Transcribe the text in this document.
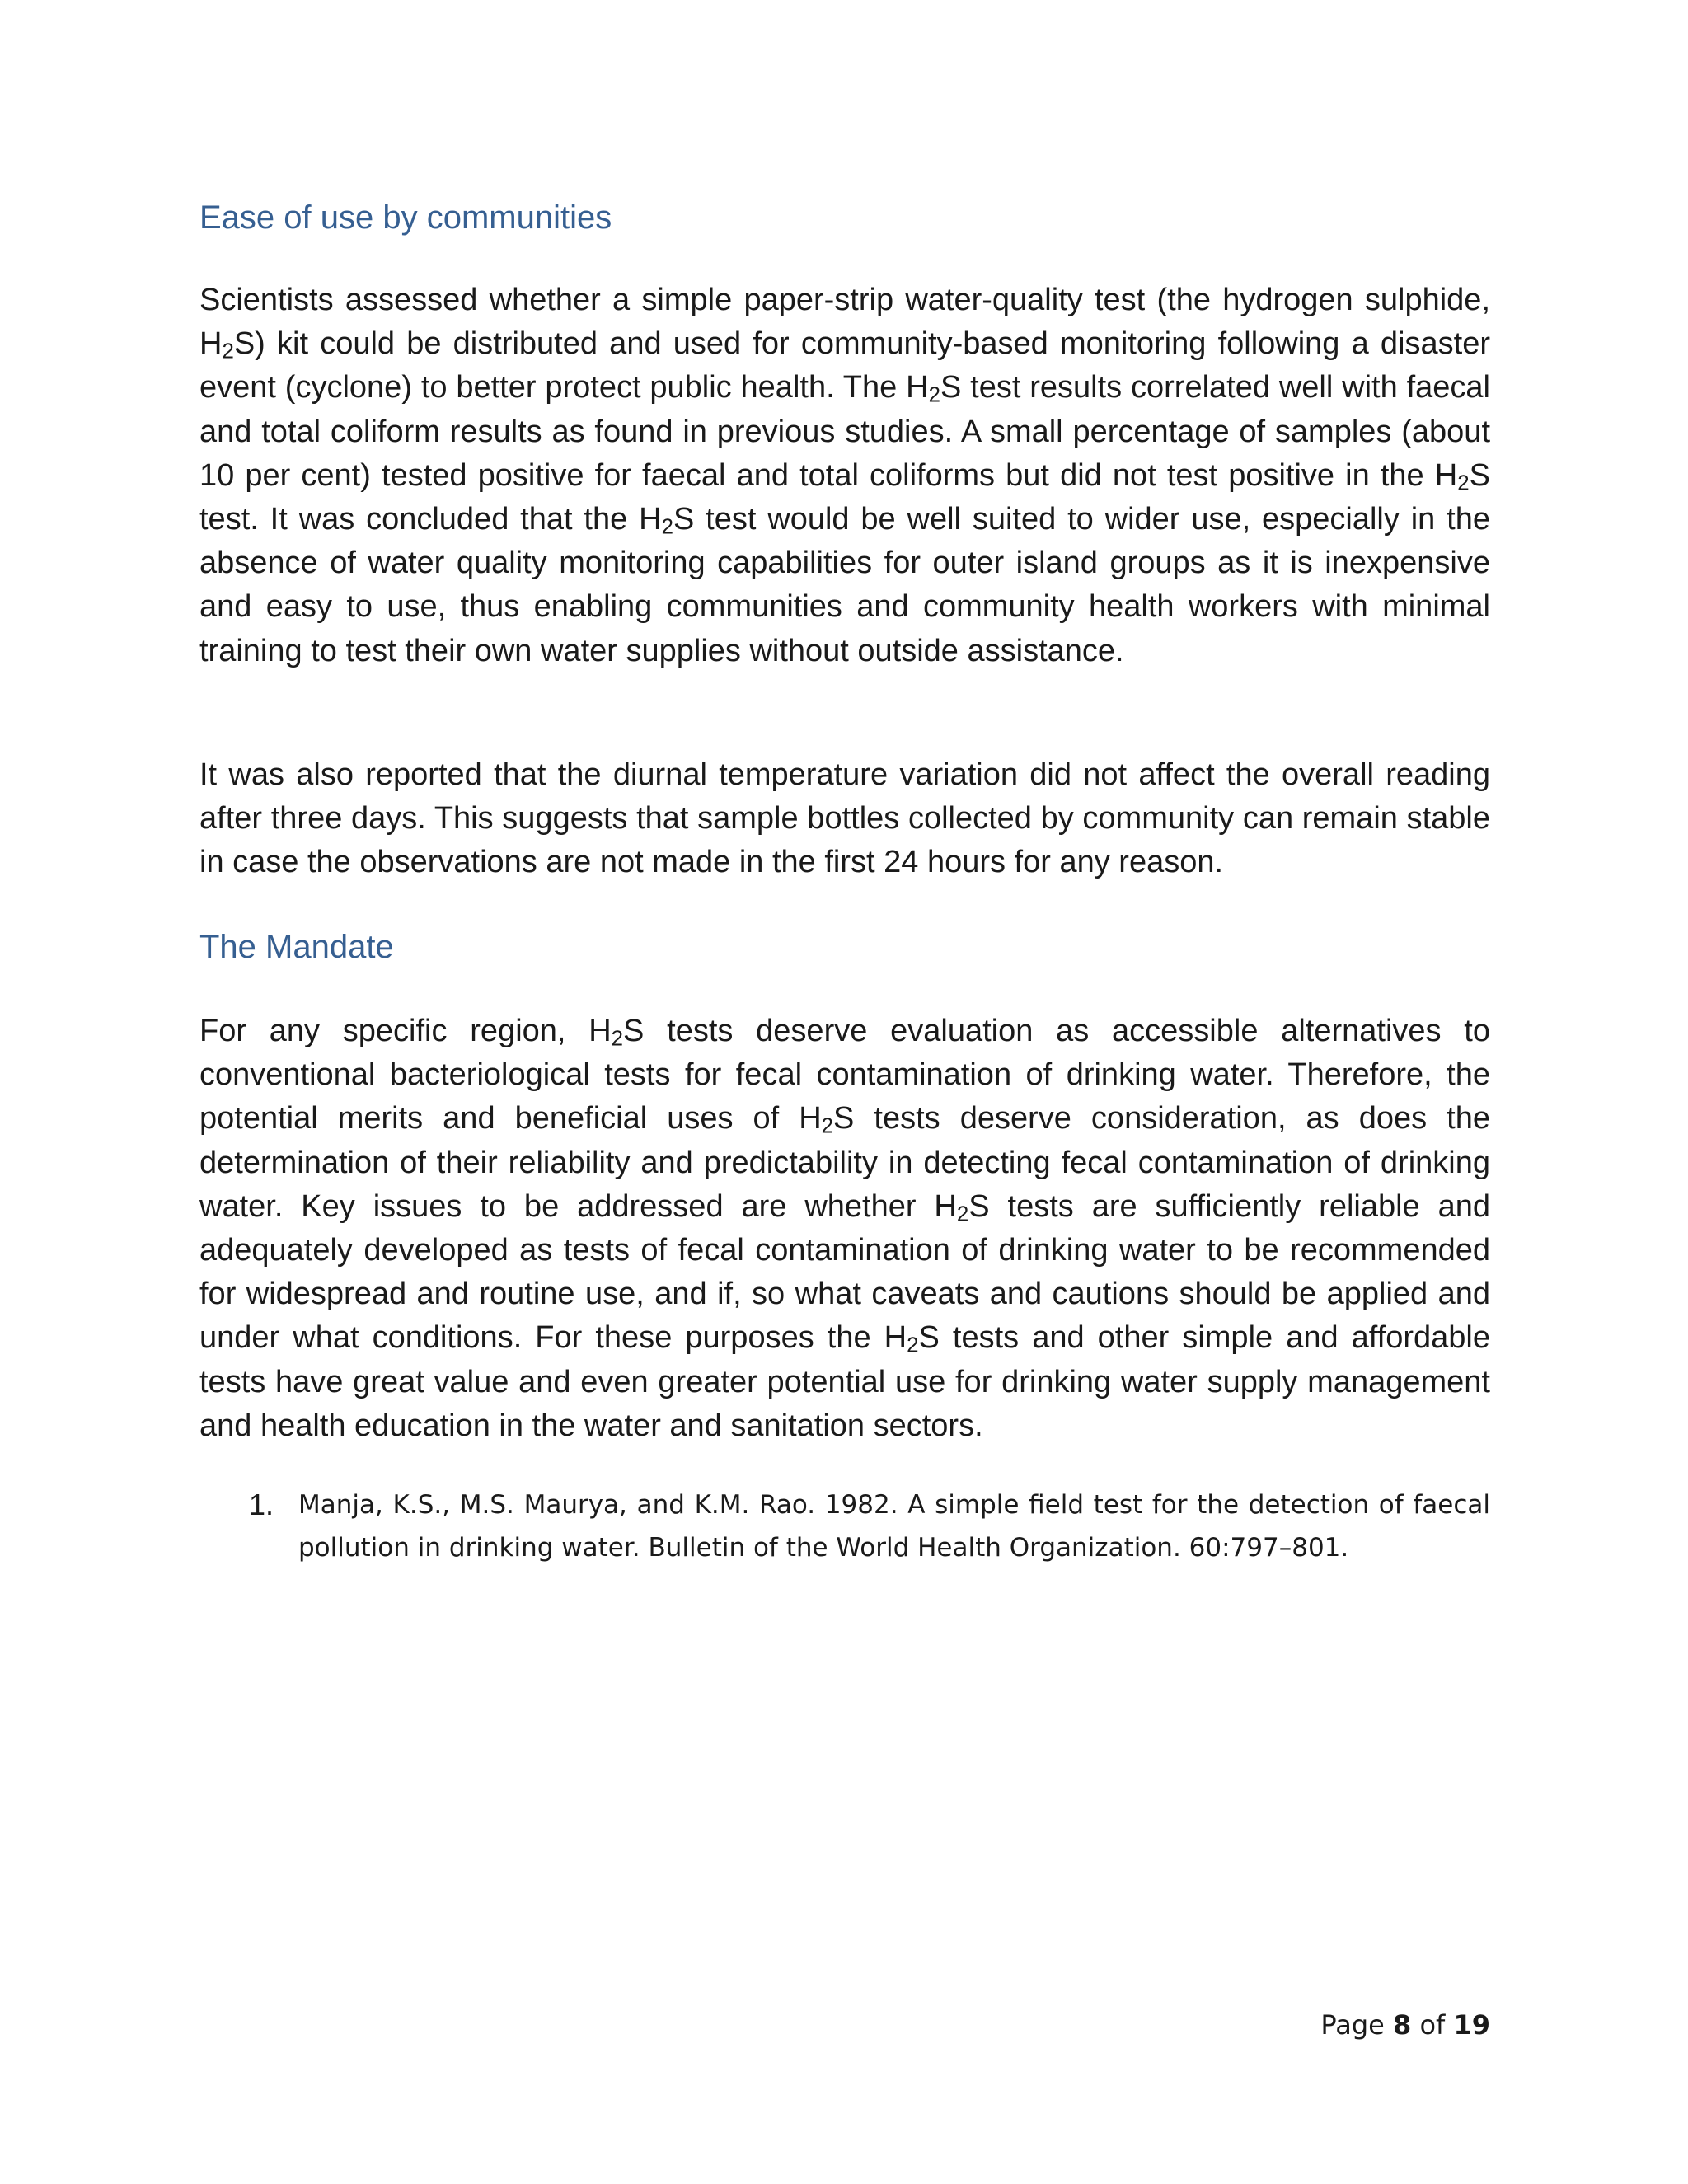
Ease of use by communities

Scientists assessed whether a simple paper-strip water-quality test (the hydrogen sulphide, $H_2S$) kit could be distributed and used for community-based monitoring following a disaster event (cyclone) to better protect public health. The $H_2S$ test results correlated well with faecal and total coliform results as found in previous studies. A small percentage of samples (about 10 per cent) tested positive for faecal and total coliforms but did not test positive in the $H_2S$ test. It was concluded that the $H_2S$ test would be well suited to wider use, especially in the absence of water quality monitoring capabilities for outer island groups as it is inexpensive and easy to use, thus enabling communities and community health workers with minimal training to test their own water supplies without outside assistance.

It was also reported that the diurnal temperature variation did not affect the overall reading after three days. This suggests that sample bottles collected by community can remain stable in case the observations are not made in the first 24 hours for any reason.

The Mandate

For any specific region, $H_2S$ tests deserve evaluation as accessible alternatives to conventional bacteriological tests for fecal contamination of drinking water. Therefore, the potential merits and beneficial uses of $H_2S$ tests deserve consideration, as does the determination of their reliability and predictability in detecting fecal contamination of drinking water. Key issues to be addressed are whether $H_2S$ tests are sufficiently reliable and adequately developed as tests of fecal contamination of drinking water to be recommended for widespread and routine use, and if, so what caveats and cautions should be applied and under what conditions. For these purposes the $H_2S$ tests and other simple and affordable tests have great value and even greater potential use for drinking water supply management and health education in the water and sanitation sectors.

1. Manja, K.S., M.S. Maurya, and K.M. Rao. 1982. A simple field test for the detection of faecal pollution in drinking water. Bulletin of the World Health Organization. 60:797–801.
Page 8 of 19
